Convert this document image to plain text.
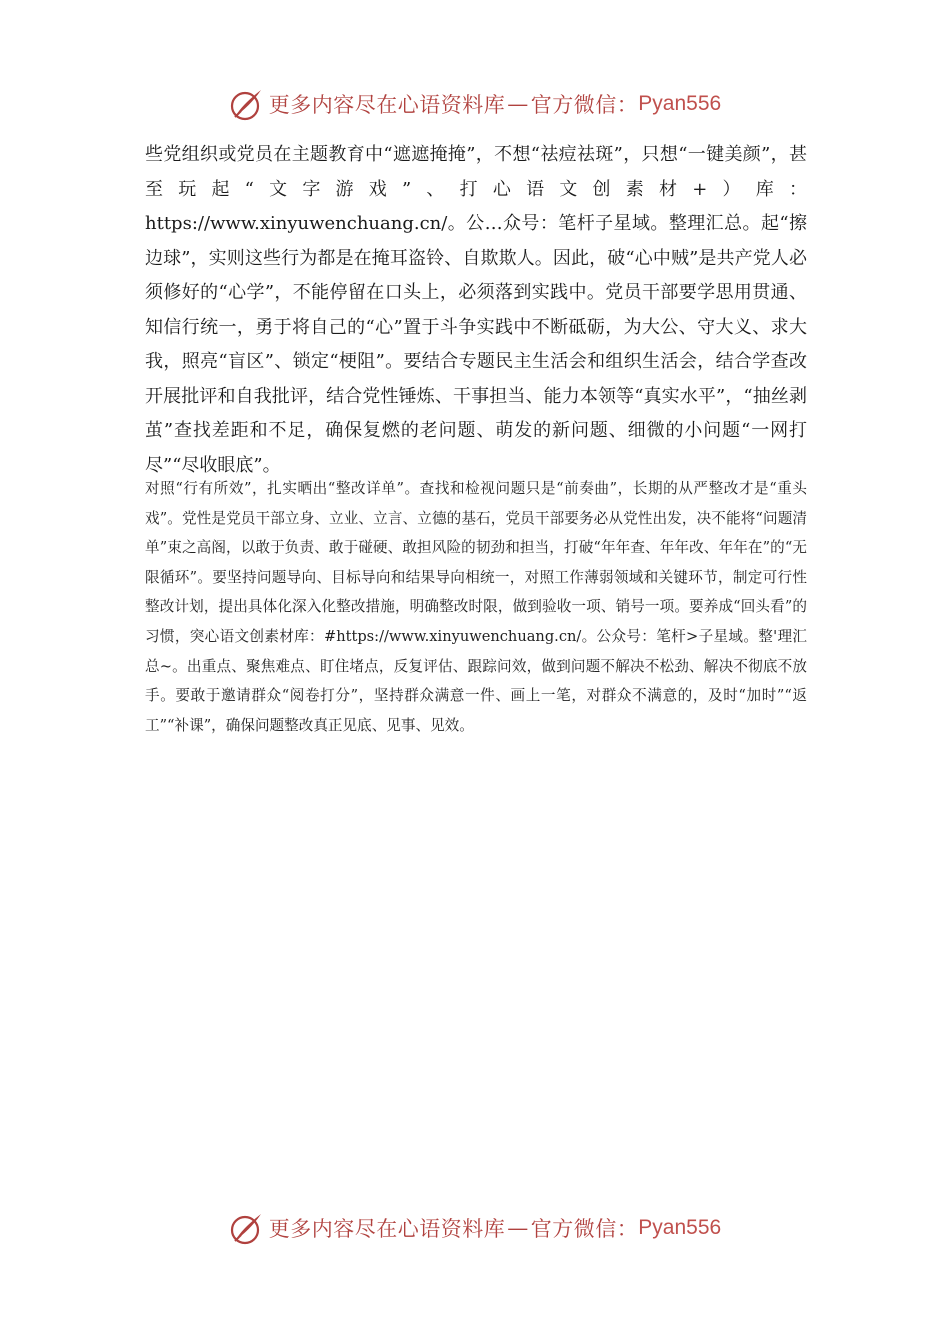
更多内容尽在心语资料库 — 官方微信： Pyan556

些党组织或党员在主题教育中“遮遮掩掩”，不想“祛痘祛斑”，只想“一键美颜”，甚至玩起“文字游戏”、打心语文创素材+）库：https://www.xinyuwenchuang.cn/。公…众号：笔杆子星域。整理汇总。起“擦边球”，实则这些行为都是在掩耳盗铃、自欺欺人。因此，破“心中贼”是共产党人必须修好的“心学”，不能停留在口头上，必须落到实践中。党员干部要学思用贯通、知信行统一，勇于将自己的“心”置于斗争实践中不断砥砺，为大公、守大义、求大我，照亮“盲区”、锁定“梗阻”。要结合专题民主生活会和组织生活会，结合学查改开展批评和自我批评，结合党性锤炼、干事担当、能力本领等“真实水平”，“抽丝剥茧”查找差距和不足，确保复燃的老问题、萌发的新问题、细微的小问题“一网打尽”“尽收眼底”。

对照“行有所效”，扎实晒出“整改详单”。查找和检视问题只是“前奏曲”，长期的从严整改才是“重头戏”。党性是党员干部立身、立业、立言、立德的基石，党员干部要务必从党性出发，决不能将“问题清单”束之高阁，以敢于负责、敢于碰硬、敢担风险的韧劲和担当，打破“年年查、年年改、年年在”的“无限循环”。要坚持问题导向、目标导向和结果导向相统一，对照工作薄弱领域和关键环节，制定可行性整改计划，提出具体化深入化整改措施，明确整改时限，做到验收一项、销号一项。要养成“回头看”的习惯，突心语文创素材库：#https://www.xinyuwenchuang.cn/。公众号：笔杆>子星域。整'理汇总~。出重点、聚焦难点、盯住堵点，反复评估、跟踪问效，做到问题不解决不松劲、解决不彻底不放手。要敢于邀请群众“阅卷打分”，坚持群众满意一件、画上一笔，对群众不满意的，及时“加时”“返工”“补课”，确保问题整改真正见底、见事、见效。

更多内容尽在心语资料库 — 官方微信： Pyan556
